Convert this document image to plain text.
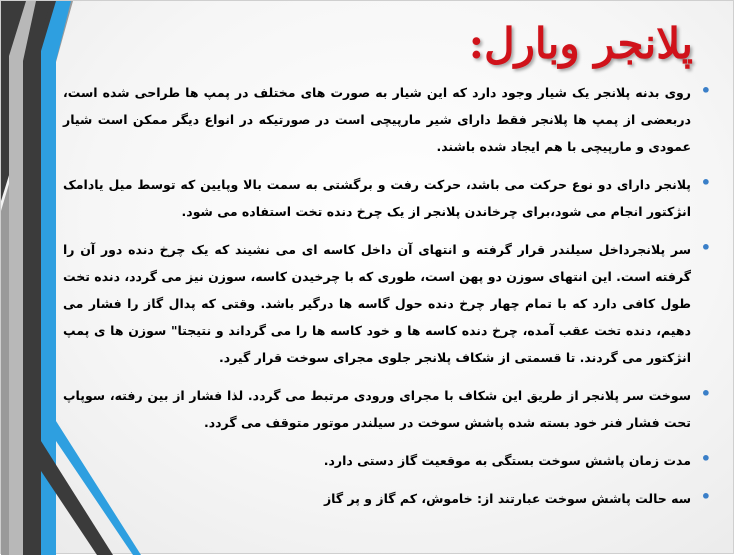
پلانجر وبارل:
•
روی بدنه پلانجر یک شیار وجود دارد که این شیار به صورت های مختلف در پمپ ها طراحی شده است، دربعضی از پمپ ها پلانجر فقط دارای شیر مارپیچی است در صورتیکه در انواع دیگر ممکن است شیار عمودی و مارپیچی با هم ایجاد شده باشند.
•
پلانجر دارای دو نوع حرکت می باشد، حرکت رفت و برگشتی به سمت بالا وپایین که توسط میل یادامک انژکتور انجام می شود،برای چرخاندن پلانجر از یک چرخ دنده تخت استفاده می شود.
•
سر پلانجرداخل سیلندر قرار گرفته و انتهای آن داخل کاسه ای می نشیند که یک چرخ دنده دور آن را گرفته است. این انتهای سوزن دو پهن است، طوری که با چرخیدن کاسه، سوزن نیز می گردد، دنده تخت طول کافی دارد که با تمام چهار چرخ دنده حول گاسه ها درگیر باشد. وقتی که پدال گاز را فشار می دهیم، دنده تخت عقب آمده، چرخ دنده کاسه ها و خود کاسه ها را می گرداند و نتیجتا" سوزن ها ی پمپ انژکتور می گردند. تا قسمتی از شکاف پلانجر جلوی مجرای سوخت قرار گیرد.
•
سوخت سر پلانجر از طریق این شکاف با مجرای ورودی مرتبط می گردد. لذا فشار از بین رفته، سوپاپ تحت فشار فنر خود بسته شده پاشش سوخت در سیلندر موتور متوقف می گردد.
•
مدت زمان پاشش سوخت بستگی به موقعیت گاز دستی دارد.
•
سه حالت پاشش سوخت عبارتند از: خاموش، کم گاز و پر گاز
